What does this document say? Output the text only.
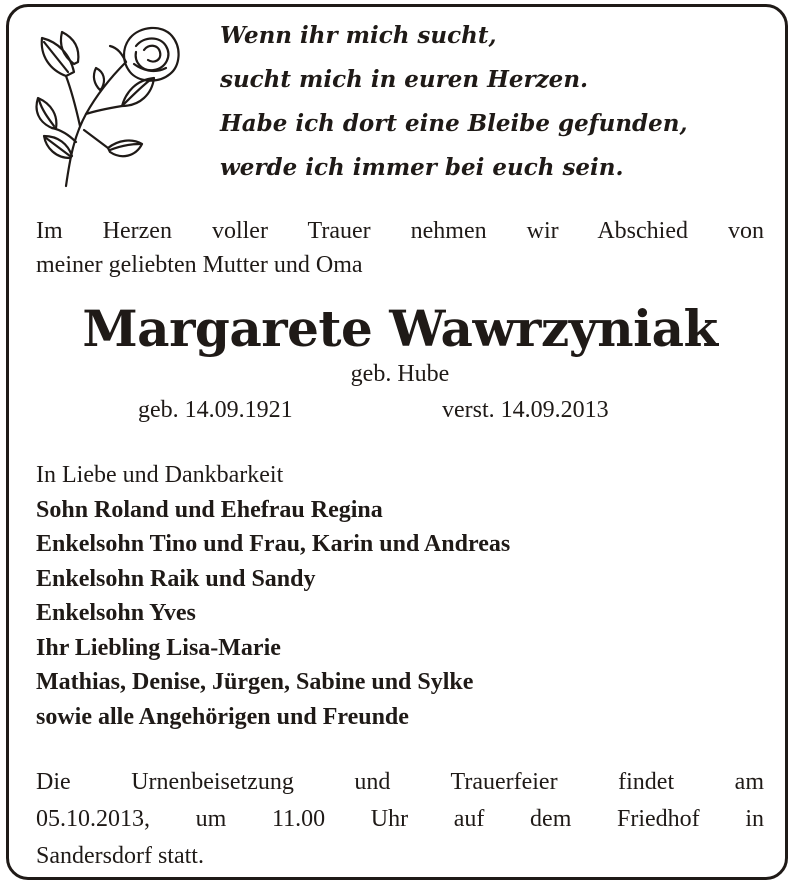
Wenn ihr mich sucht,
sucht mich in euren Herzen.
Habe ich dort eine Bleibe gefunden,
werde ich immer bei euch sein.
Im Herzen voller Trauer nehmen wir Abschied von
meiner geliebten Mutter und Oma
Margarete Wawrzyniak
geb. Hube
geb. 14.09.1921	verst. 14.09.2013
In Liebe und Dankbarkeit
Sohn Roland und Ehefrau Regina
Enkelsohn Tino und Frau, Karin und Andreas
Enkelsohn Raik und Sandy
Enkelsohn Yves
Ihr Liebling Lisa-Marie
Mathias, Denise, Jürgen, Sabine und Sylke
sowie alle Angehörigen und Freunde
Die Urnenbeisetzung und Trauerfeier findet am
05.10.2013, um 11.00 Uhr auf dem Friedhof in
Sandersdorf statt.
